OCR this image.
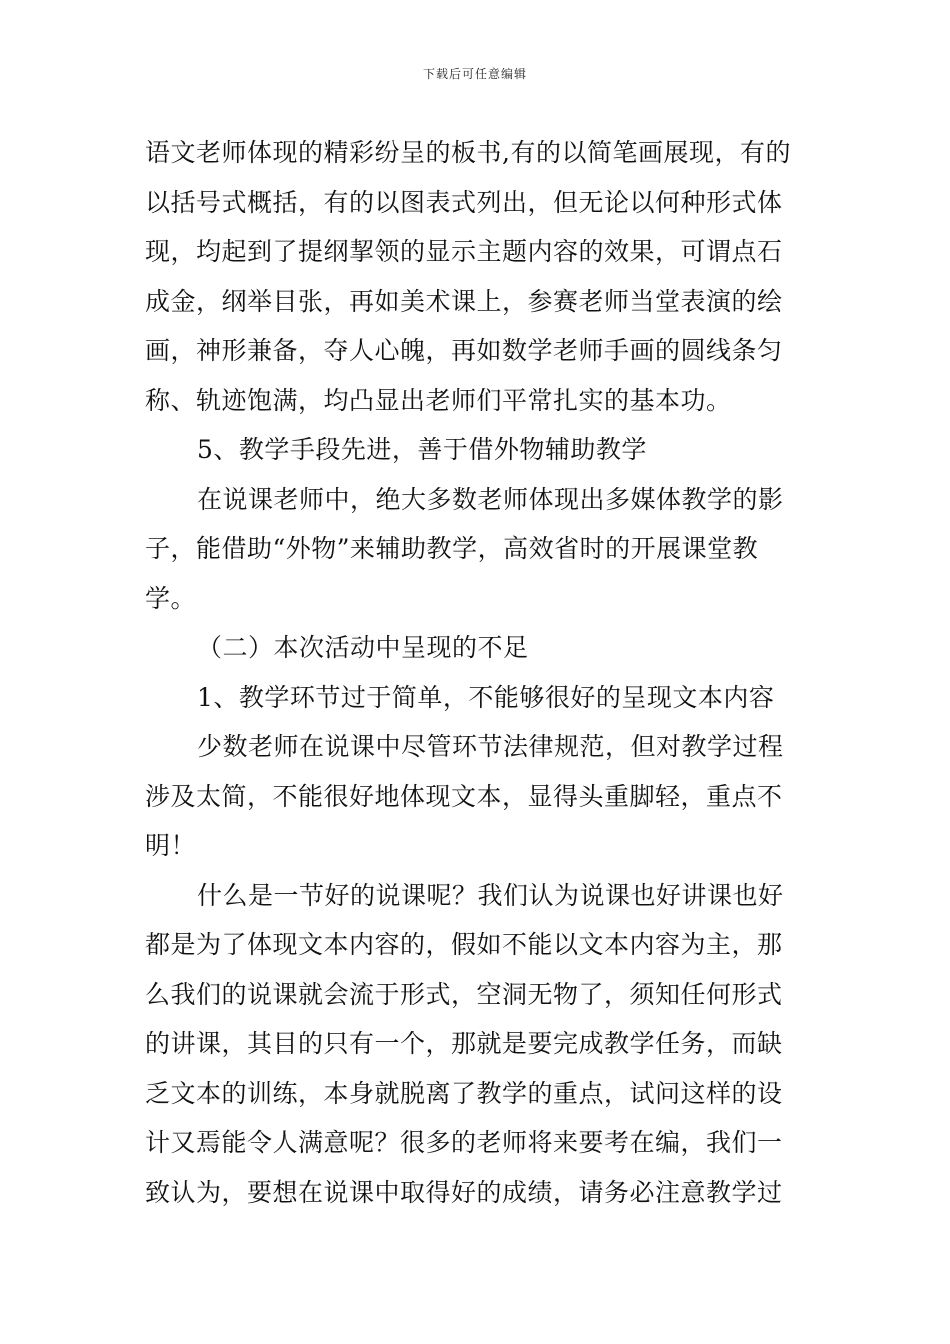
下载后可任意编辑
语文老师体现的精彩纷呈的板书,有的以简笔画展现，有的
以括号式概括，有的以图表式列出，但无论以何种形式体
现，均起到了提纲挈领的显示主题内容的效果，可谓点石
成金，纲举目张，再如美术课上，参赛老师当堂表演的绘
画，神形兼备，夺人心魄，再如数学老师手画的圆线条匀
称、轨迹饱满，均凸显出老师们平常扎实的基本功。
5、教学手段先进，善于借外物辅助教学
在说课老师中，绝大多数老师体现出多媒体教学的影
子，能借助“外物”来辅助教学，高效省时的开展课堂教
学。
（二）本次活动中呈现的不足
1、教学环节过于简单，不能够很好的呈现文本内容
少数老师在说课中尽管环节法律规范，但对教学过程
涉及太简，不能很好地体现文本，显得头重脚轻，重点不
明！
什么是一节好的说课呢？我们认为说课也好讲课也好
都是为了体现文本内容的，假如不能以文本内容为主，那
么我们的说课就会流于形式，空洞无物了，须知任何形式
的讲课，其目的只有一个，那就是要完成教学任务，而缺
乏文本的训练，本身就脱离了教学的重点，试问这样的设
计又焉能令人满意呢？很多的老师将来要考在编，我们一
致认为，要想在说课中取得好的成绩，请务必注意教学过
